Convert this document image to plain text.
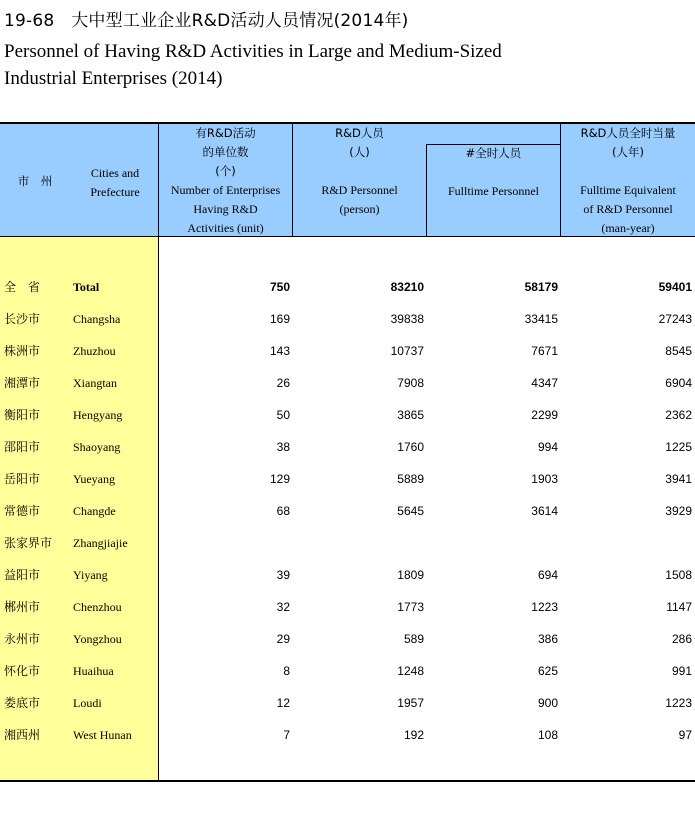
19-68 大中型工业企业R&D活动人员情况(2014年)
Personnel of Having R&D Activities in Large and Medium-Sized
Industrial Enterprises (2014)
市　州
Cities and
Prefecture
有R&D活动
的单位数
(个)
Number of Enterprises
Having R&D
Activities (unit)
R&D人员
(人)
R&D Personnel
(person)
#全时人员
Fulltime Personnel
R&D人员全时当量
(人年)
Fulltime Equivalent
of R&D Personnel
(man-year)
全　省	Total	750	83210	58179	59401
长沙市	Changsha	169	39838	33415	27243
株洲市	Zhuzhou	143	10737	7671	8545
湘潭市	Xiangtan	26	7908	4347	6904
衡阳市	Hengyang	50	3865	2299	2362
邵阳市	Shaoyang	38	1760	994	1225
岳阳市	Yueyang	129	5889	1903	3941
常德市	Changde	68	5645	3614	3929
张家界市 Zhangjiajie
益阳市	Yiyang	39	1809	694	1508
郴州市	Chenzhou	32	1773	1223	1147
永州市	Yongzhou	29	589	386	286
怀化市	Huaihua	8	1248	625	991
娄底市	Loudi	12	1957	900	1223
湘西州	West Hunan	7	192	108	97
